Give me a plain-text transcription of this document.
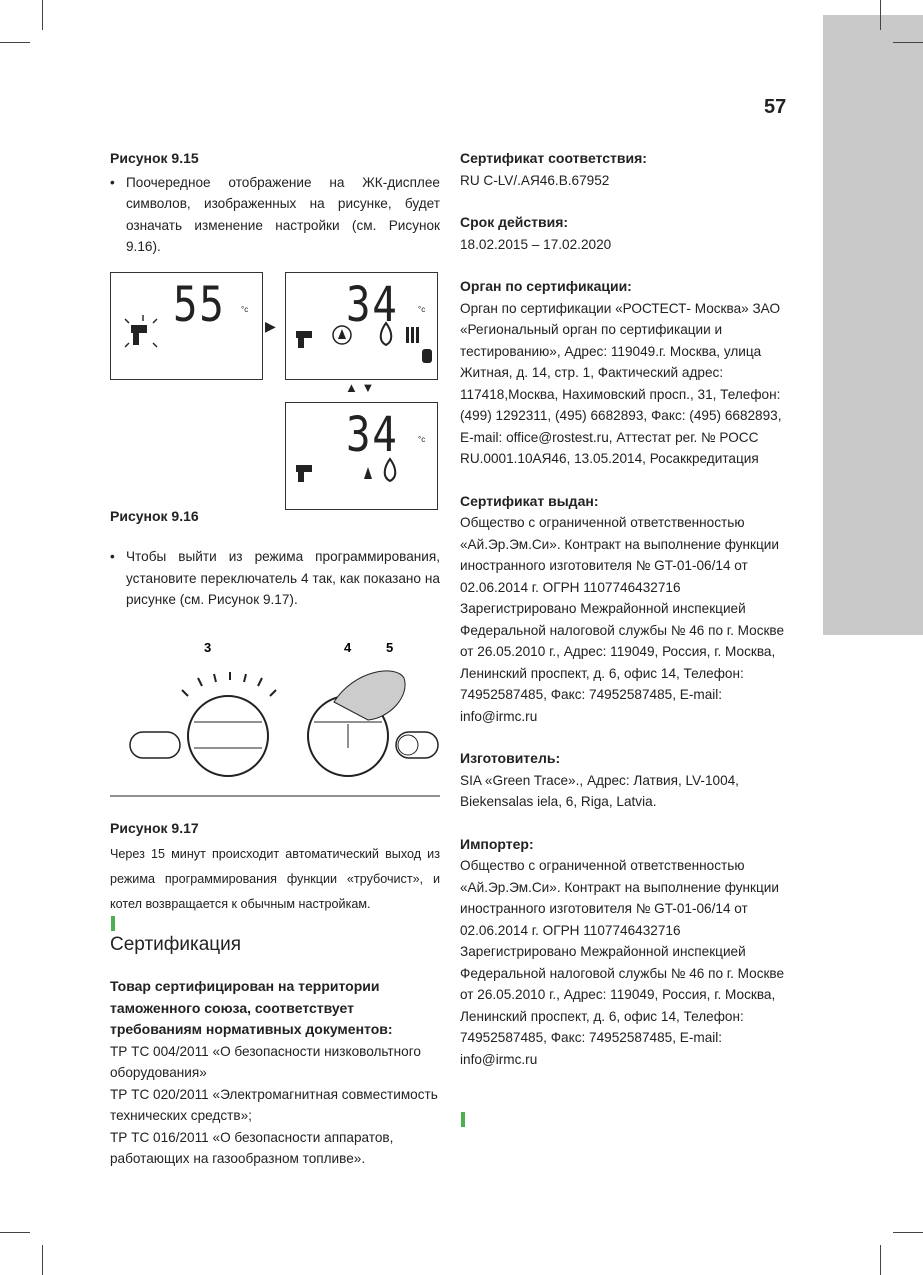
57
Рисунок 9.15
• Поочередное отображение на ЖК-дисплее символов, изображенных на рисунке, будет означать изменение настройки (см. Рисунок 9.16).
55 °c
▶ 34 °c
▲ ▼
34 °c
Рисунок 9.16
• Чтобы выйти из режима программирования, установите переключатель 4 так, как показано на рисунке (см. Рисунок 9.17).
3	4	5
Рисунок 9.17
Через 15 минут происходит автоматический выход из режима программирования функции «трубочист», и котел возвращается к обычным настройкам.
Сертификация
Товар сертифицирован на территории таможенного союза, соответствует требованиям нормативных документов:

ТР ТС 004/2011 «О безопасности низковольтного оборудования»

ТР ТС 020/2011 «Электромагнитная совместимость технических средств»;

ТР ТС 016/2011 «О безопасности аппаратов, работающих на газообразном топливе».

Сертификат соответствия:

RU C-LV/.АЯ46.В.67952

Срок действия:

18.02.2015 – 17.02.2020

Орган по сертификации:

Орган по сертификации «РОСТЕСТ- Москва» ЗАО «Региональный орган по сертификации и тестированию», Адрес: 119049.г. Москва, улица Житная, д. 14, стр. 1, Фактический адрес: 117418,Москва, Нахимовский просп., 31, Телефон: (499) 1292311, (495) 6682893, Факс: (495) 6682893, E-mail: office@rostest.ru, Аттестат рег. № РОСС RU.0001.10АЯ46, 13.05.2014, Росаккредитация

Сертификат выдан:

Общество с ограниченной ответственностью «Ай.Эр.Эм.Си». Контракт на выполнение функции иностранного изготовителя № GT-01-06/14 от 02.06.2014 г. ОГРН 1107746432716 Зарегистрировано Межрайонной инспекцией Федеральной налоговой службы № 46 по г. Москве от 26.05.2010 г., Адрес: 119049, Россия, г. Москва, Ленинский проспект, д. 6, офис 14, Телефон: 74952587485, Факс: 74952587485, E-mail: info@irmc.ru

Изготовитель:

SIA «Green Trace»., Адрес: Латвия, LV-1004, Biekensalas iela, 6, Riga, Latvia.

Импортер:

Общество с ограниченной ответственностью «Ай.Эр.Эм.Си». Контракт на выполнение функции иностранного изготовителя № GT-01-06/14 от 02.06.2014 г. ОГРН 1107746432716 Зарегистрировано Межрайонной инспекцией Федеральной налоговой службы № 46 по г. Москве от 26.05.2010 г., Адрес: 119049, Россия, г. Москва, Ленинский проспект, д. 6, офис 14, Телефон: 74952587485, Факс: 74952587485, E-mail: info@irmc.ru
